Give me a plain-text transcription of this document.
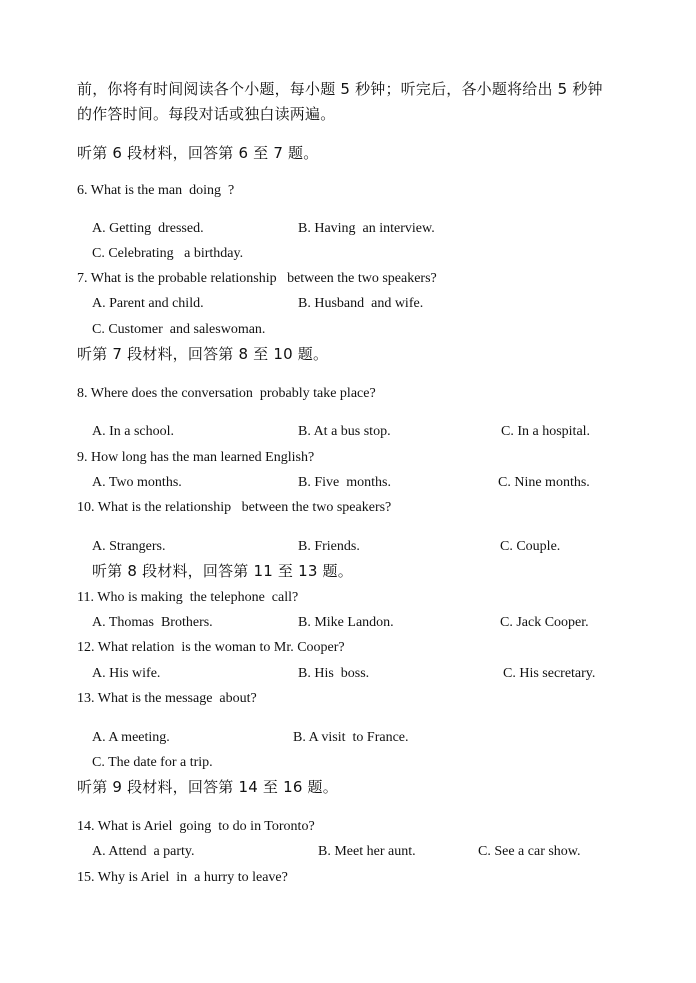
前，你将有时间阅读各个小题，每小题 5 秒钟；听完后，各小题将给出 5 秒钟
的作答时间。每段对话或独白读两遍。
听第 6 段材料，回答第 6 至 7 题。
6. What is the man  doing  ?
A. Getting  dressed.	B. Having  an interview.
C. Celebrating   a birthday.
7. What is the probable relationship   between the two speakers?
A. Parent and child.	B. Husband  and wife.
C. Customer  and saleswoman.
听第 7 段材料，回答第 8 至 10 题。
8. Where does the conversation  probably take place?
A. In a school.	B. At a bus stop.	C. In a hospital.
9. How long has the man learned English?
A. Two months.	B. Five  months.	C. Nine months.
10. What is the relationship   between the two speakers?
A. Strangers.	B. Friends.	C. Couple.
听第 8 段材料，回答第 11 至 13 题。
11. Who is making  the telephone  call?
A. Thomas  Brothers.	B. Mike Landon.	C. Jack Cooper.
12. What relation  is the woman to Mr. Cooper?
A. His wife.	B. His  boss.	C. His secretary.
13. What is the message  about?
A. A meeting.	B. A visit  to France.
C. The date for a trip.
听第 9 段材料，回答第 14 至 16 题。
14. What is Ariel  going  to do in Toronto?
A. Attend  a party.	B. Meet her aunt.	C. See a car show.
15. Why is Ariel  in  a hurry to leave?
